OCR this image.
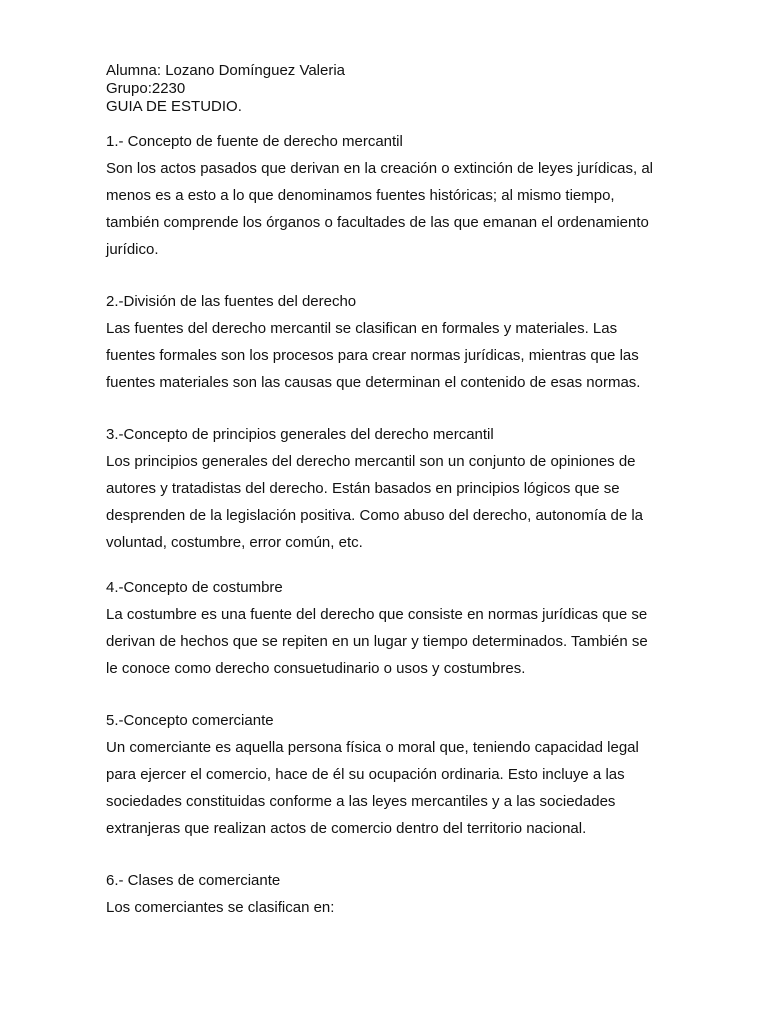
Alumna: Lozano Domínguez Valeria

Grupo:2230

GUIA DE ESTUDIO.

1.- Concepto de fuente de derecho mercantil

Son los actos pasados que derivan en la creación o extinción de leyes jurídicas, al

menos es a esto a lo que denominamos fuentes históricas; al mismo tiempo,

también comprende los órganos o facultades de las que emanan el ordenamiento

jurídico.

2.-División de las fuentes del derecho

Las fuentes del derecho mercantil se clasifican en formales y materiales. Las

fuentes formales son los procesos para crear normas jurídicas, mientras que las

fuentes materiales son las causas que determinan el contenido de esas normas.

3.-Concepto de principios generales del derecho mercantil

Los principios generales del derecho mercantil son un conjunto de opiniones de

autores y tratadistas del derecho. Están basados en principios lógicos que se

desprenden de la legislación positiva. Como abuso del derecho, autonomía de la

voluntad, costumbre, error común, etc.

4.-Concepto de costumbre

La costumbre es una fuente del derecho que consiste en normas jurídicas que se

derivan de hechos que se repiten en un lugar y tiempo determinados. También se

le conoce como derecho consuetudinario o usos y costumbres.

5.-Concepto comerciante

Un comerciante es aquella persona física o moral que, teniendo capacidad legal

para ejercer el comercio, hace de él su ocupación ordinaria. Esto incluye a las

sociedades constituidas conforme a las leyes mercantiles y a las sociedades

extranjeras que realizan actos de comercio dentro del territorio nacional.

6.- Clases de comerciante

Los comerciantes se clasifican en:
